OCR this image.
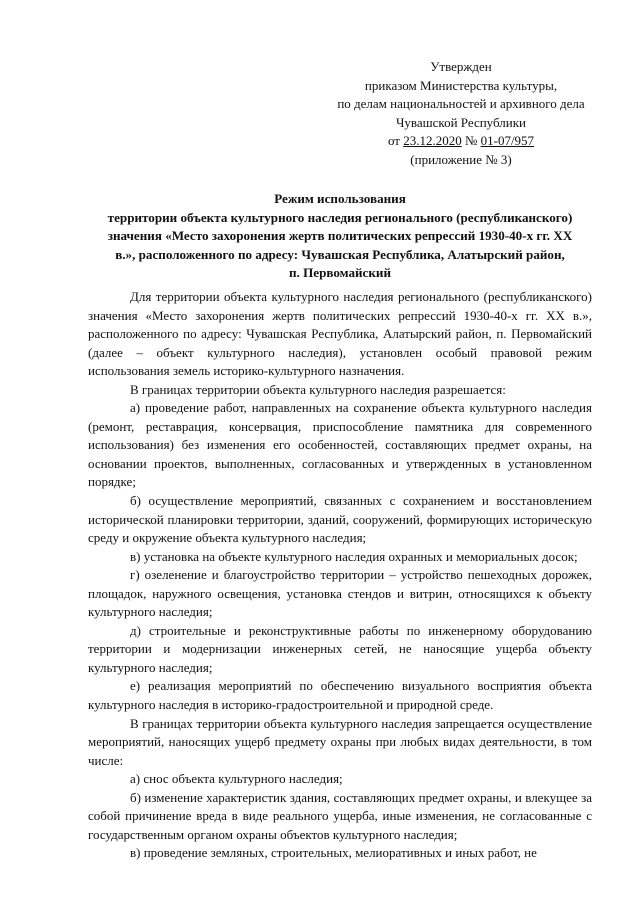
Утвержден
приказом Министерства культуры,
по делам национальностей и архивного дела
Чувашской Республики
от 23.12.2020 № 01-07/957
(приложение № 3)
Режим использования
территории объекта культурного наследия регионального (республиканского)
значения «Место захоронения жертв политических репрессий 1930-40-х гг. XX
в.», расположенного по адресу: Чувашская Республика, Алатырский район,
п. Первомайский

Для территории объекта культурного наследия регионального (республиканского) значения «Место захоронения жертв политических репрессий 1930-40-х гг. XX в.», расположенного по адресу: Чувашская Республика, Алатырский район, п. Первомайский (далее – объект культурного наследия), установлен особый правовой режим использования земель историко-культурного назначения.

В границах территории объекта культурного наследия разрешается:

а) проведение работ, направленных на сохранение объекта культурного наследия (ремонт, реставрация, консервация, приспособление памятника для современного использования) без изменения его особенностей, составляющих предмет охраны, на основании проектов, выполненных, согласованных и утвержденных в установленном порядке;

б) осуществление мероприятий, связанных с сохранением и восстановлением исторической планировки территории, зданий, сооружений, формирующих историческую среду и окружение объекта культурного наследия;

в) установка на объекте культурного наследия охранных и мемориальных досок;

г) озеленение и благоустройство территории – устройство пешеходных дорожек, площадок, наружного освещения, установка стендов и витрин, относящихся к объекту культурного наследия;

д) строительные и реконструктивные работы по инженерному оборудованию территории и модернизации инженерных сетей, не наносящие ущерба объекту культурного наследия;

е) реализация мероприятий по обеспечению визуального восприятия объекта культурного наследия в историко-градостроительной и природной среде.

В границах территории объекта культурного наследия запрещается осуществление мероприятий, наносящих ущерб предмету охраны при любых видах деятельности, в том числе:

а) снос объекта культурного наследия;

б) изменение характеристик здания, составляющих предмет охраны, и влекущее за собой причинение вреда в виде реального ущерба, иные изменения, не согласованные с государственным органом охраны объектов культурного наследия;

в) проведение земляных, строительных, мелиоративных и иных работ, не
